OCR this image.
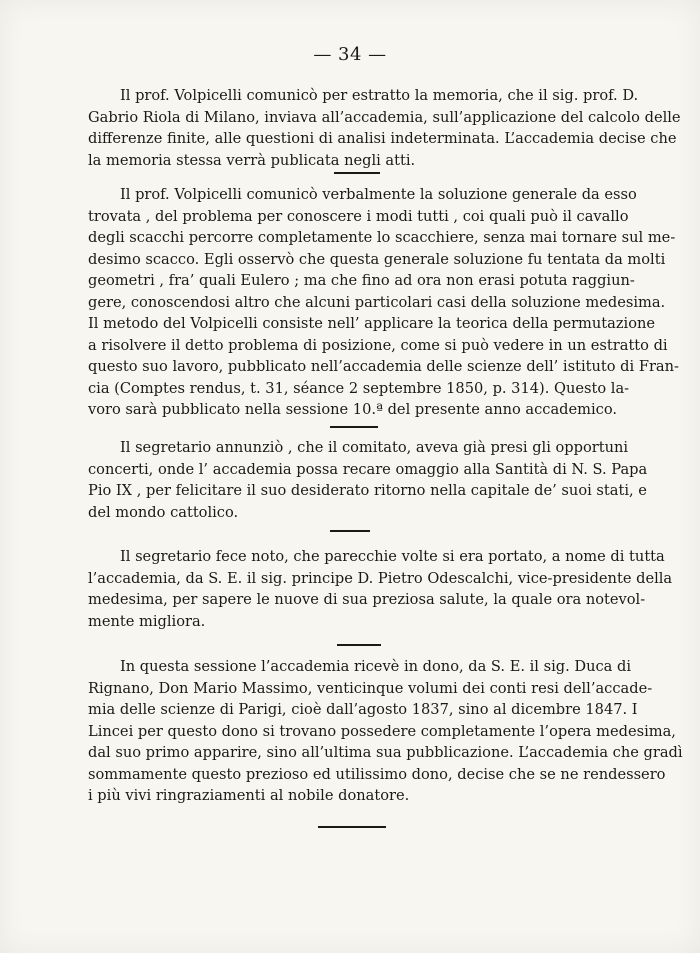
— 34 —

Il prof. Volpicelli comunicò per estratto la memoria, che il sig. prof. D.
Gabrio Riola di Milano, inviava all’accademia, sull’applicazione del calcolo delle
differenze finite, alle questioni di analisi indeterminata. L’accademia decise che
la memoria stessa verrà publicata negli atti.

Il prof. Volpicelli comunicò verbalmente la soluzione generale da esso
trovata , del problema per conoscere i modi tutti , coi quali può il cavallo
degli scacchi percorre completamente lo scacchiere, senza mai tornare sul me-
desimo scacco. Egli osservò che questa generale soluzione fu tentata da molti
geometri , fra’ quali Eulero ; ma che fino ad ora non erasi potuta raggiun-
gere, conoscendosi altro che alcuni particolari casi della soluzione medesima.
Il metodo del Volpicelli consiste nell’ applicare la teorica della permutazione
a risolvere il detto problema di posizione, come si può vedere in un estratto di
questo suo lavoro, pubblicato nell’accademia delle scienze dell’ istituto di Fran-
cia (Comptes rendus, t. 31, séance 2 septembre 1850, p. 314). Questo la-
voro sarà pubblicato nella sessione 10.ª del presente anno accademico.

Il segretario annunziò , che il comitato, aveva già presi gli opportuni
concerti, onde l’ accademia possa recare omaggio alla Santità di N. S. Papa
Pio IX , per felicitare il suo desiderato ritorno nella capitale de’ suoi stati, e
del mondo cattolico.

Il segretario fece noto, che parecchie volte si era portato, a nome di tutta
l’accademia, da S. E. il sig. principe D. Pietro Odescalchi, vice-presidente della
medesima, per sapere le nuove di sua preziosa salute, la quale ora notevol-
mente migliora.

In questa sessione l’accademia ricevè in dono, da S. E. il sig. Duca di
Rignano, Don Mario Massimo, venticinque volumi dei conti resi dell’accade-
mia delle scienze di Parigi, cioè dall’agosto 1837, sino al dicembre 1847. I
Lincei per questo dono si trovano possedere completamente l’opera medesima,
dal suo primo apparire, sino all’ultima sua pubblicazione. L’accademia che gradì
sommamente questo prezioso ed utilissimo dono, decise che se ne rendessero
i più vivi ringraziamenti al nobile donatore.
